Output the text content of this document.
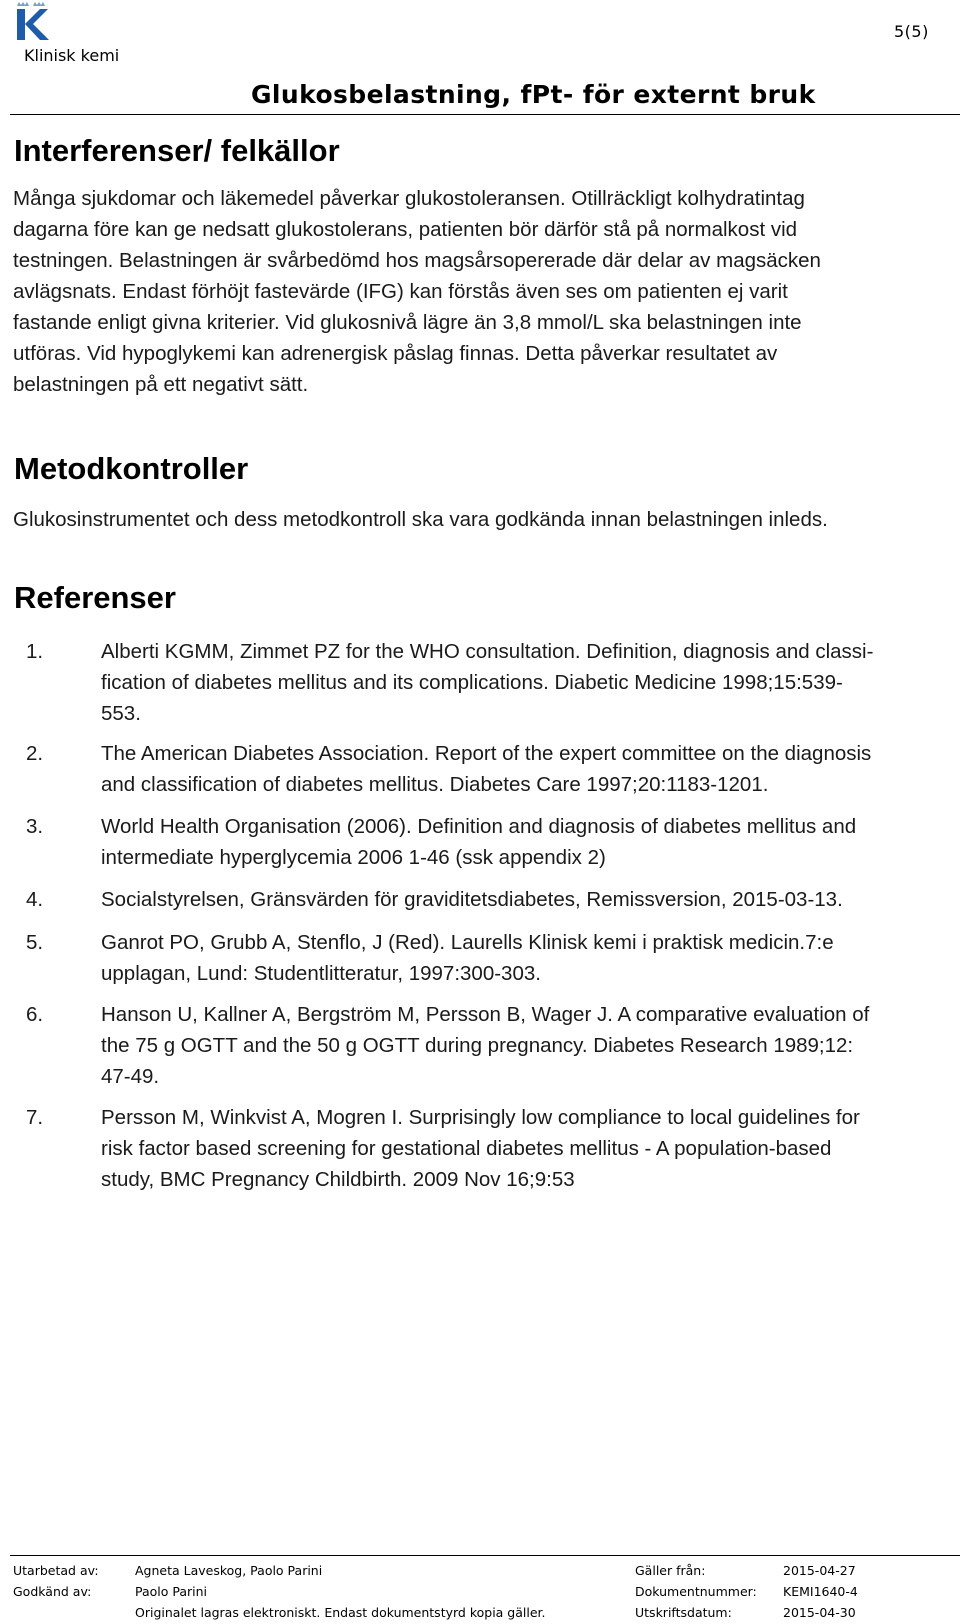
Klinisk kemi
5(5)
Glukosbelastning, fPt- för externt bruk
Interferenser/ felkällor
Många sjukdomar och läkemedel påverkar glukostoleransen. Otillräckligt kolhydratintag
dagarna före kan ge nedsatt glukostolerans, patienten bör därför stå på normalkost vid
testningen. Belastningen är svårbedömd hos magsårsopererade där delar av magsäcken
avlägsnats. Endast förhöjt fastevärde (IFG) kan förstås även ses om patienten ej varit
fastande enligt givna kriterier. Vid glukosnivå lägre än 3,8 mmol/L ska belastningen inte
utföras. Vid hypoglykemi kan adrenergisk påslag finnas. Detta påverkar resultatet av
belastningen på ett negativt sätt.
Metodkontroller
Glukosinstrumentet och dess metodkontroll ska vara godkända innan belastningen inleds.
Referenser
1.	Alberti KGMM, Zimmet PZ for the WHO consultation. Definition, diagnosis and classi-
fication of diabetes mellitus and its complications. Diabetic Medicine 1998;15:539-
553.
2.	The American Diabetes Association. Report of the expert committee on the diagnosis
and classification of diabetes mellitus. Diabetes Care 1997;20:1183-1201.
3.	World Health Organisation (2006). Definition and diagnosis of diabetes mellitus and
intermediate hyperglycemia 2006 1-46 (ssk appendix 2)
4.	Socialstyrelsen, Gränsvärden för graviditetsdiabetes, Remissversion, 2015-03-13.
5.	Ganrot PO, Grubb A, Stenflo, J (Red). Laurells Klinisk kemi i praktisk medicin.7:e
upplagan, Lund: Studentlitteratur, 1997:300-303.
6.	Hanson U, Kallner A, Bergström M, Persson B, Wager J. A comparative evaluation of
the 75 g OGTT and the 50 g OGTT during pregnancy. Diabetes Research 1989;12:
47-49.
7.	Persson M, Winkvist A, Mogren I. Surprisingly low compliance to local guidelines for
risk factor based screening for gestational diabetes mellitus - A population-based
study, BMC Pregnancy Childbirth. 2009 Nov 16;9:53
Utarbetad av:	Agneta Laveskog, Paolo Parini
Godkänd av:	Paolo Parini
Originalet lagras elektroniskt. Endast dokumentstyrd kopia gäller.
Gäller från:	2015-04-27
Dokumentnummer: KEMI1640-4
Utskriftsdatum:	2015-04-30
